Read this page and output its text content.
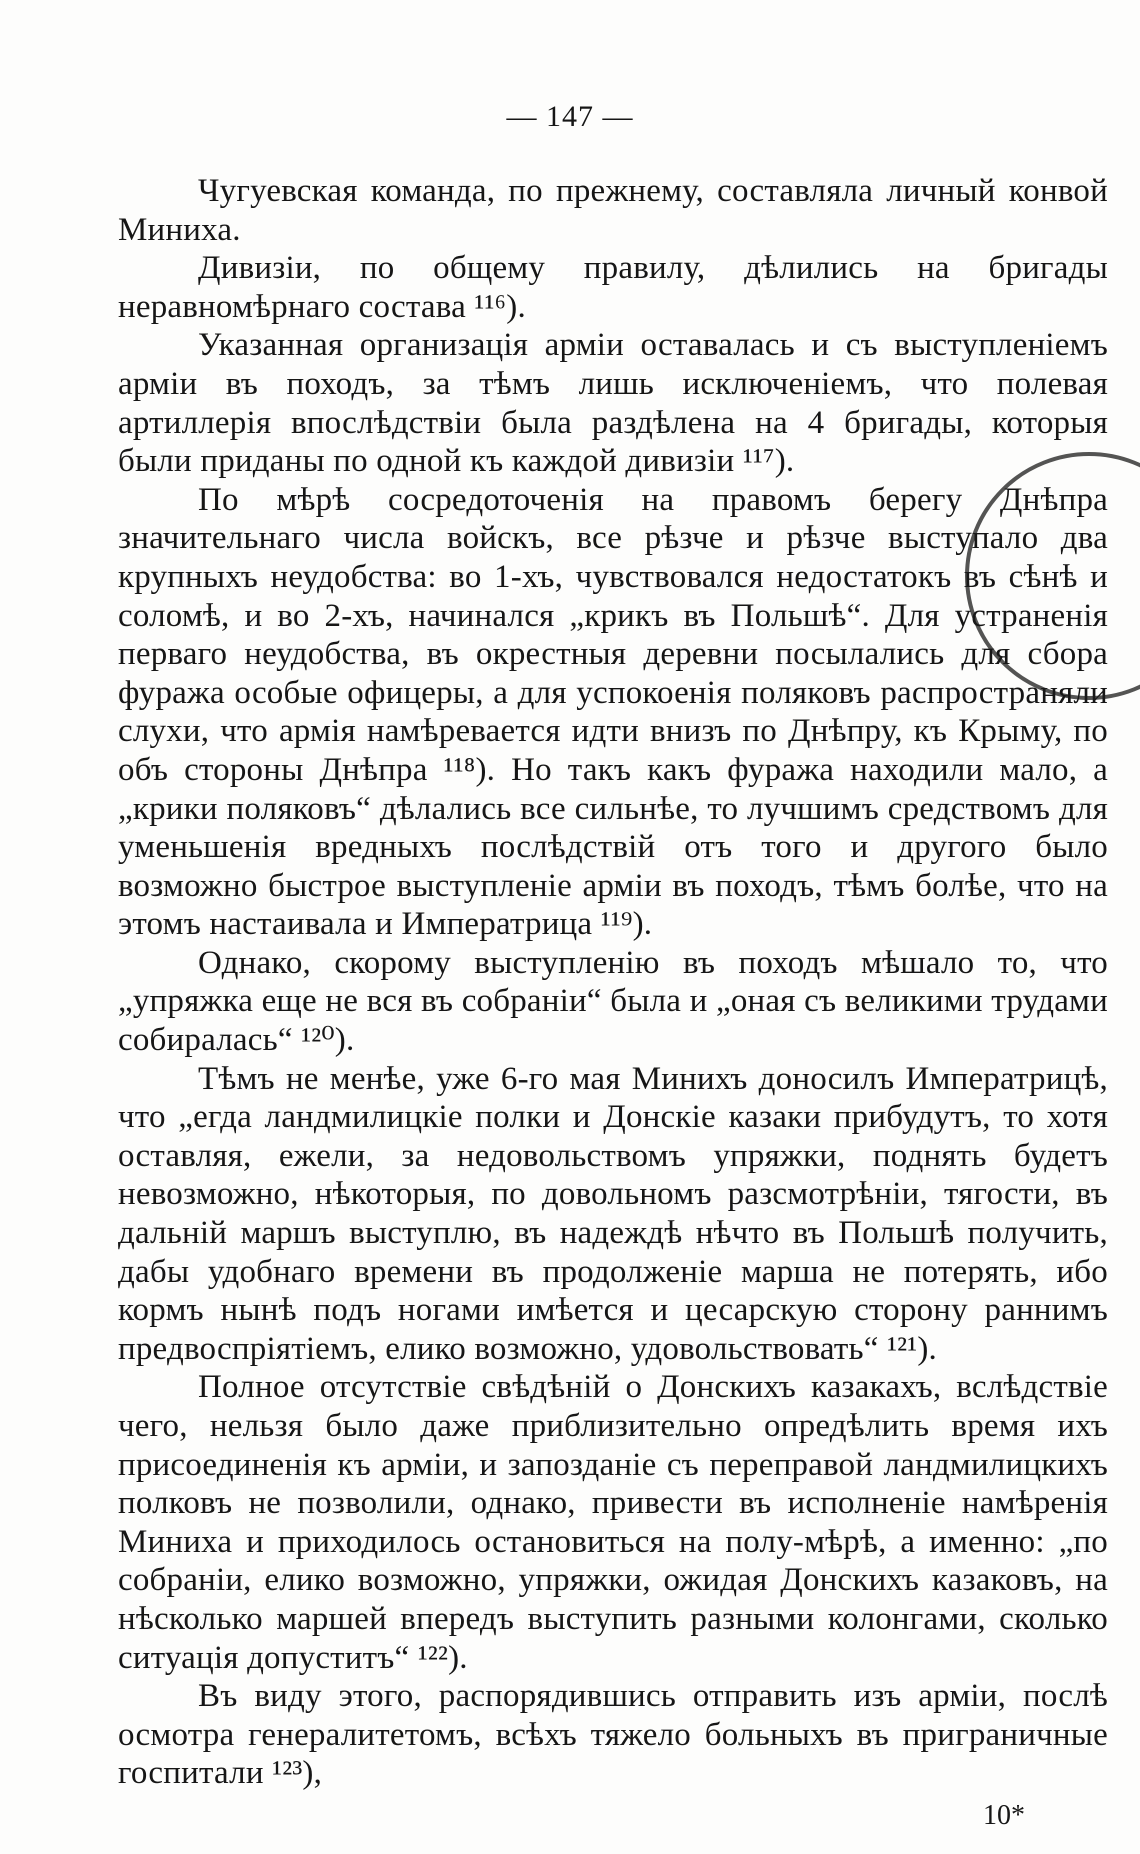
— 147 —

Чугуевская команда, по прежнему, составляла личный конвой Миниха.

Дивизіи, по общему правилу, дѣлились на бригады неравномѣрнаго состава ¹¹⁶).

Указанная организація арміи оставалась и съ выступленіемъ арміи въ походъ, за тѣмъ лишь исключеніемъ, что полевая артиллерія впослѣдствіи была раздѣлена на 4 бригады, которыя были приданы по одной къ каждой дивизіи ¹¹⁷).

По мѣрѣ сосредоточенія на правомъ берегу Днѣпра значительнаго числа войскъ, все рѣзче и рѣзче выступало два крупныхъ неудобства: во 1-хъ, чувствовался недостатокъ въ сѣнѣ и соломѣ, и во 2-хъ, начинался „крикъ въ Польшѣ“. Для устраненія перваго неудобства, въ окрестныя деревни посылались для сбора фуража особые офицеры, а для успокоенія поляковъ распространяли слухи, что армія намѣревается идти внизъ по Днѣпру, къ Крыму, по объ стороны Днѣпра ¹¹⁸). Но такъ какъ фуража находили мало, а „крики поляковъ“ дѣлались все сильнѣе, то лучшимъ средствомъ для уменьшенія вредныхъ послѣдствій отъ того и другого было возможно быстрое выступленіе арміи въ походъ, тѣмъ болѣе, что на этомъ настаивала и Императрица ¹¹⁹).

Однако, скорому выступленію въ походъ мѣшало то, что „упряжка еще не вся въ собраніи“ была и „оная съ великими трудами собиралась“ ¹²⁰).

Тѣмъ не менѣе, уже 6-го мая Минихъ доносилъ Императрицѣ, что „егда ландмилицкіе полки и Донскіе казаки прибудутъ, то хотя оставляя, ежели, за недовольствомъ упряжки, поднять будетъ невозможно, нѣкоторыя, по довольномъ разсмотрѣніи, тягости, въ дальній маршъ выступлю, въ надеждѣ нѣчто въ Польшѣ получить, дабы удобнаго времени въ продолженіе марша не потерять, ибо кормъ нынѣ подъ ногами имѣется и цесарскую сторону раннимъ предвоспріятіемъ, елико возможно, удовольствовать“ ¹²¹).

Полное отсутствіе свѣдѣній о Донскихъ казакахъ, вслѣдствіе чего, нельзя было даже приблизительно опредѣлить время ихъ присоединенія къ арміи, и запозданіе съ переправой ландмилицкихъ полковъ не позволили, однако, привести въ исполненіе намѣренія Миниха и приходилось остановиться на полу-мѣрѣ, а именно: „по собраніи, елико возможно, упряжки, ожидая Донскихъ казаковъ, на нѣсколько маршей впередъ выступить разными колонгами, сколько ситуація допуститъ“ ¹²²).

Въ виду этого, распорядившись отправить изъ арміи, послѣ осмотра генералитетомъ, всѣхъ тяжело больныхъ въ приграничные госпитали ¹²³),

10*
